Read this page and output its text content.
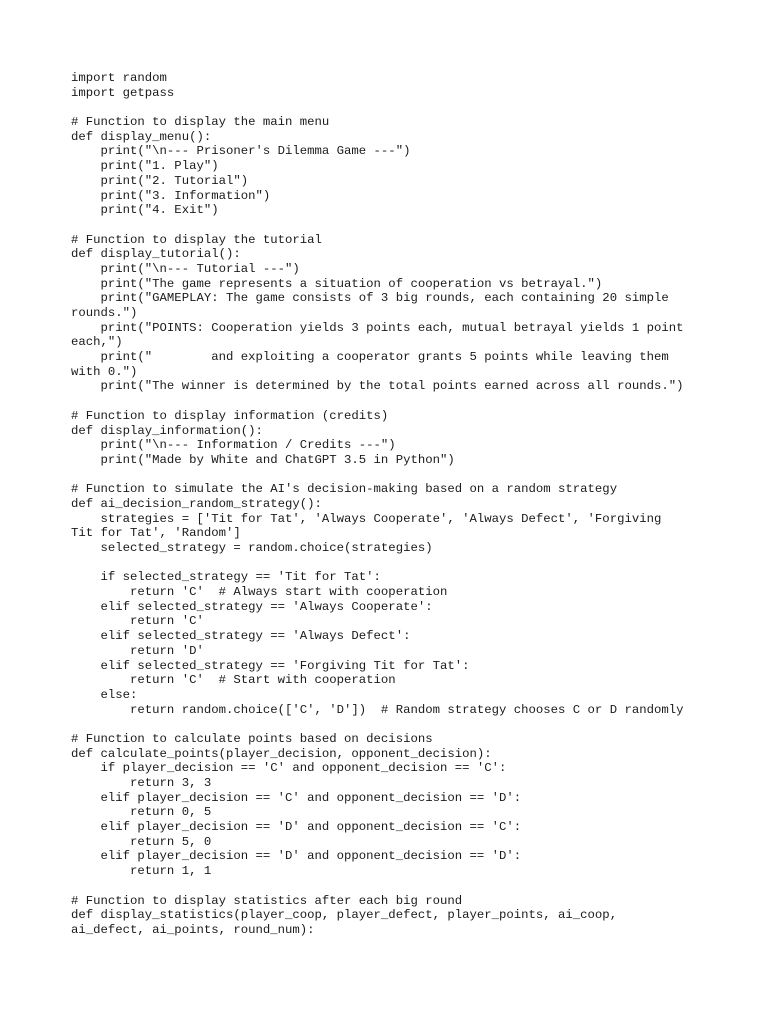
import random
import getpass
# Function to display the main menu
def display_menu():
print("\n--- Prisoner's Dilemma Game ---")
print("1. Play")
print("2. Tutorial")
print("3. Information")
print("4. Exit")
# Function to display the tutorial
def display_tutorial():
print("\n--- Tutorial ---")
print("The game represents a situation of cooperation vs betrayal.")
print("GAMEPLAY: The game consists of 3 big rounds, each containing 20 simple
rounds.")
print("POINTS: Cooperation yields 3 points each, mutual betrayal yields 1 point
each,")
print("        and exploiting a cooperator grants 5 points while leaving them
with 0.")
print("The winner is determined by the total points earned across all rounds.")
# Function to display information (credits)
def display_information():
print("\n--- Information / Credits ---")
print("Made by White and ChatGPT 3.5 in Python")
# Function to simulate the AI's decision-making based on a random strategy
def ai_decision_random_strategy():
strategies = ['Tit for Tat', 'Always Cooperate', 'Always Defect', 'Forgiving
Tit for Tat', 'Random']
selected_strategy = random.choice(strategies)
if selected_strategy == 'Tit for Tat':
return 'C'  # Always start with cooperation
elif selected_strategy == 'Always Cooperate':
return 'C'
elif selected_strategy == 'Always Defect':
return 'D'
elif selected_strategy == 'Forgiving Tit for Tat':
return 'C'  # Start with cooperation
else:
return random.choice(['C', 'D'])  # Random strategy chooses C or D randomly
# Function to calculate points based on decisions
def calculate_points(player_decision, opponent_decision):
if player_decision == 'C' and opponent_decision == 'C':
return 3, 3
elif player_decision == 'C' and opponent_decision == 'D':
return 0, 5
elif player_decision == 'D' and opponent_decision == 'C':
return 5, 0
elif player_decision == 'D' and opponent_decision == 'D':
return 1, 1
# Function to display statistics after each big round
def display_statistics(player_coop, player_defect, player_points, ai_coop,
ai_defect, ai_points, round_num):
